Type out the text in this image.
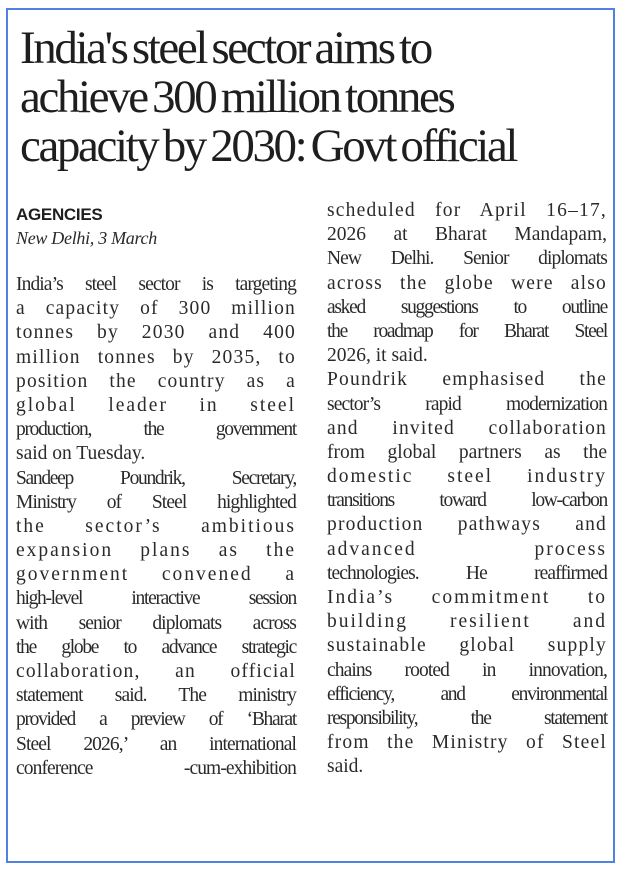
India's steel sector aims to
achieve 300 million tonnes
capacity by 2030: Govt official
AGENCIES
New Delhi, 3 March
India’s steel sector is targeting
a capacity of 300 million
tonnes by 2030 and 400
million tonnes by 2035, to
position the country as a
global leader in steel
production, the government
said on Tuesday.
Sandeep Poundrik, Secretary,
Ministry of Steel highlighted
the sector’s ambitious
expansion plans as the
government convened a
high-level interactive session
with senior diplomats across
the globe to advance strategic
collaboration, an official
statement said. The ministry
provided a preview of ‘Bharat
Steel 2026,’ an international
conference -cum-exhibition
scheduled for April 16–17,
2026 at Bharat Mandapam,
New Delhi. Senior diplomats
across the globe were also
asked suggestions to outline
the roadmap for Bharat Steel
2026, it said.
Poundrik emphasised the
sector’s rapid modernization
and invited collaboration
from global partners as the
domestic steel industry
transitions toward low-carbon
production pathways and
advanced process
technologies. He reaffirmed
India’s commitment to
building resilient and
sustainable global supply
chains rooted in innovation,
efficiency, and environmental
responsibility, the statement
from the Ministry of Steel
said.
